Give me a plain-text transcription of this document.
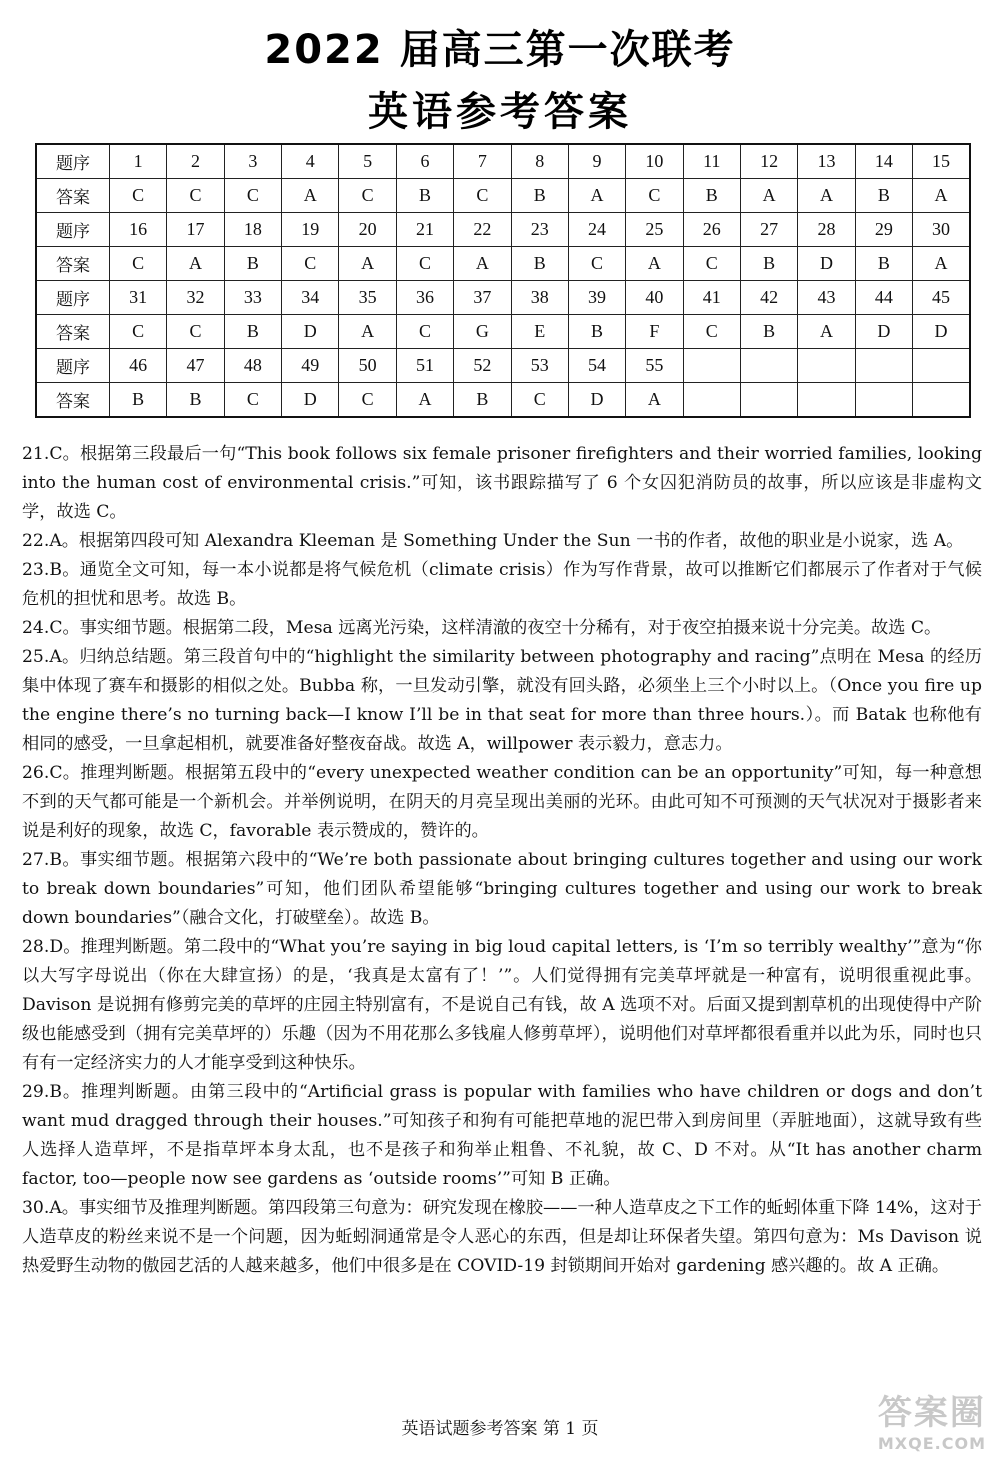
2022 届高三第一次联考
英语参考答案
题序	1	2	3	4	5	6	7	8	9	10	11	12	13	14	15
答案	C	C	C	A	C	B	C	B	A	C	B	A	A	B	A
题序	16	17	18	19	20	21	22	23	24	25	26	27	28	29	30
答案	C	A	B	C	A	C	A	B	C	A	C	B	D	B	A
题序	31	32	33	34	35	36	37	38	39	40	41	42	43	44	45
答案	C	C	B	D	A	C	G	E	B	F	C	B	A	D	D
题序	46	47	48	49	50	51	52	53	54	55					
答案	B	B	C	D	C	A	B	C	D	A					
21.C。根据第三段最后一句“This book follows six female prisoner firefighters and their worried families, looking into the human cost of environmental crisis.”可知，该书跟踪描写了 6 个女囚犯消防员的故事，所以应该是非虚构文学，故选 C。
22.A。根据第四段可知 Alexandra Kleeman 是 Something Under the Sun 一书的作者，故他的职业是小说家，选 A。
23.B。通览全文可知，每一本小说都是将气候危机（climate crisis）作为写作背景，故可以推断它们都展示了作者对于气候危机的担忧和思考。故选 B。
24.C。事实细节题。根据第二段，Mesa 远离光污染，这样清澈的夜空十分稀有，对于夜空拍摄来说十分完美。故选 C。
25.A。归纳总结题。第三段首句中的“highlight the similarity between photography and racing”点明在 Mesa 的经历集中体现了赛车和摄影的相似之处。Bubba 称，一旦发动引擎，就没有回头路，必须坐上三个小时以上。（Once you fire up the engine there’s no turning back—I know I’ll be in that seat for more than three hours.）。而 Batak 也称他有相同的感受，一旦拿起相机，就要准备好整夜奋战。故选 A，willpower 表示毅力，意志力。
26.C。推理判断题。根据第五段中的“every unexpected weather condition can be an opportunity”可知，每一种意想不到的天气都可能是一个新机会。并举例说明，在阴天的月亮呈现出美丽的光环。由此可知不可预测的天气状况对于摄影者来说是利好的现象，故选 C，favorable 表示赞成的，赞许的。
27.B。事实细节题。根据第六段中的“We’re both passionate about bringing cultures together and using our work to break down boundaries”可知，他们团队希望能够“bringing cultures together and using our work to break down boundaries”（融合文化，打破壁垒）。故选 B。
28.D。推理判断题。第二段中的“What you’re saying in big loud capital letters, is ‘I’m so terribly wealthy’”意为“你以大写字母说出（你在大肆宣扬）的是，‘我真是太富有了！’”。人们觉得拥有完美草坪就是一种富有，说明很重视此事。Davison 是说拥有修剪完美的草坪的庄园主特别富有，不是说自己有钱，故 A 选项不对。后面又提到割草机的出现使得中产阶级也能感受到（拥有完美草坪的）乐趣（因为不用花那么多钱雇人修剪草坪），说明他们对草坪都很看重并以此为乐，同时也只有有一定经济实力的人才能享受到这种快乐。
29.B。推理判断题。由第三段中的“Artificial grass is popular with families who have children or dogs and don’t want mud dragged through their houses.”可知孩子和狗有可能把草地的泥巴带入到房间里（弄脏地面），这就导致有些人选择人造草坪，不是指草坪本身太乱，也不是孩子和狗举止粗鲁、不礼貌，故 C、D 不对。从“It has another charm factor, too—people now see gardens as ‘outside rooms’”可知 B 正确。
30.A。事实细节及推理判断题。第四段第三句意为：研究发现在橡胶——一种人造草皮之下工作的蚯蚓体重下降 14%，这对于人造草皮的粉丝来说不是一个问题，因为蚯蚓洞通常是令人恶心的东西，但是却让环保者失望。第四句意为：Ms Davison 说热爱野生动物的傲园艺活的人越来越多，他们中很多是在 COVID-19 封锁期间开始对 gardening 感兴趣的。故 A 正确。
英语试题参考答案 第 1 页	答案圈
MXQE.COM
